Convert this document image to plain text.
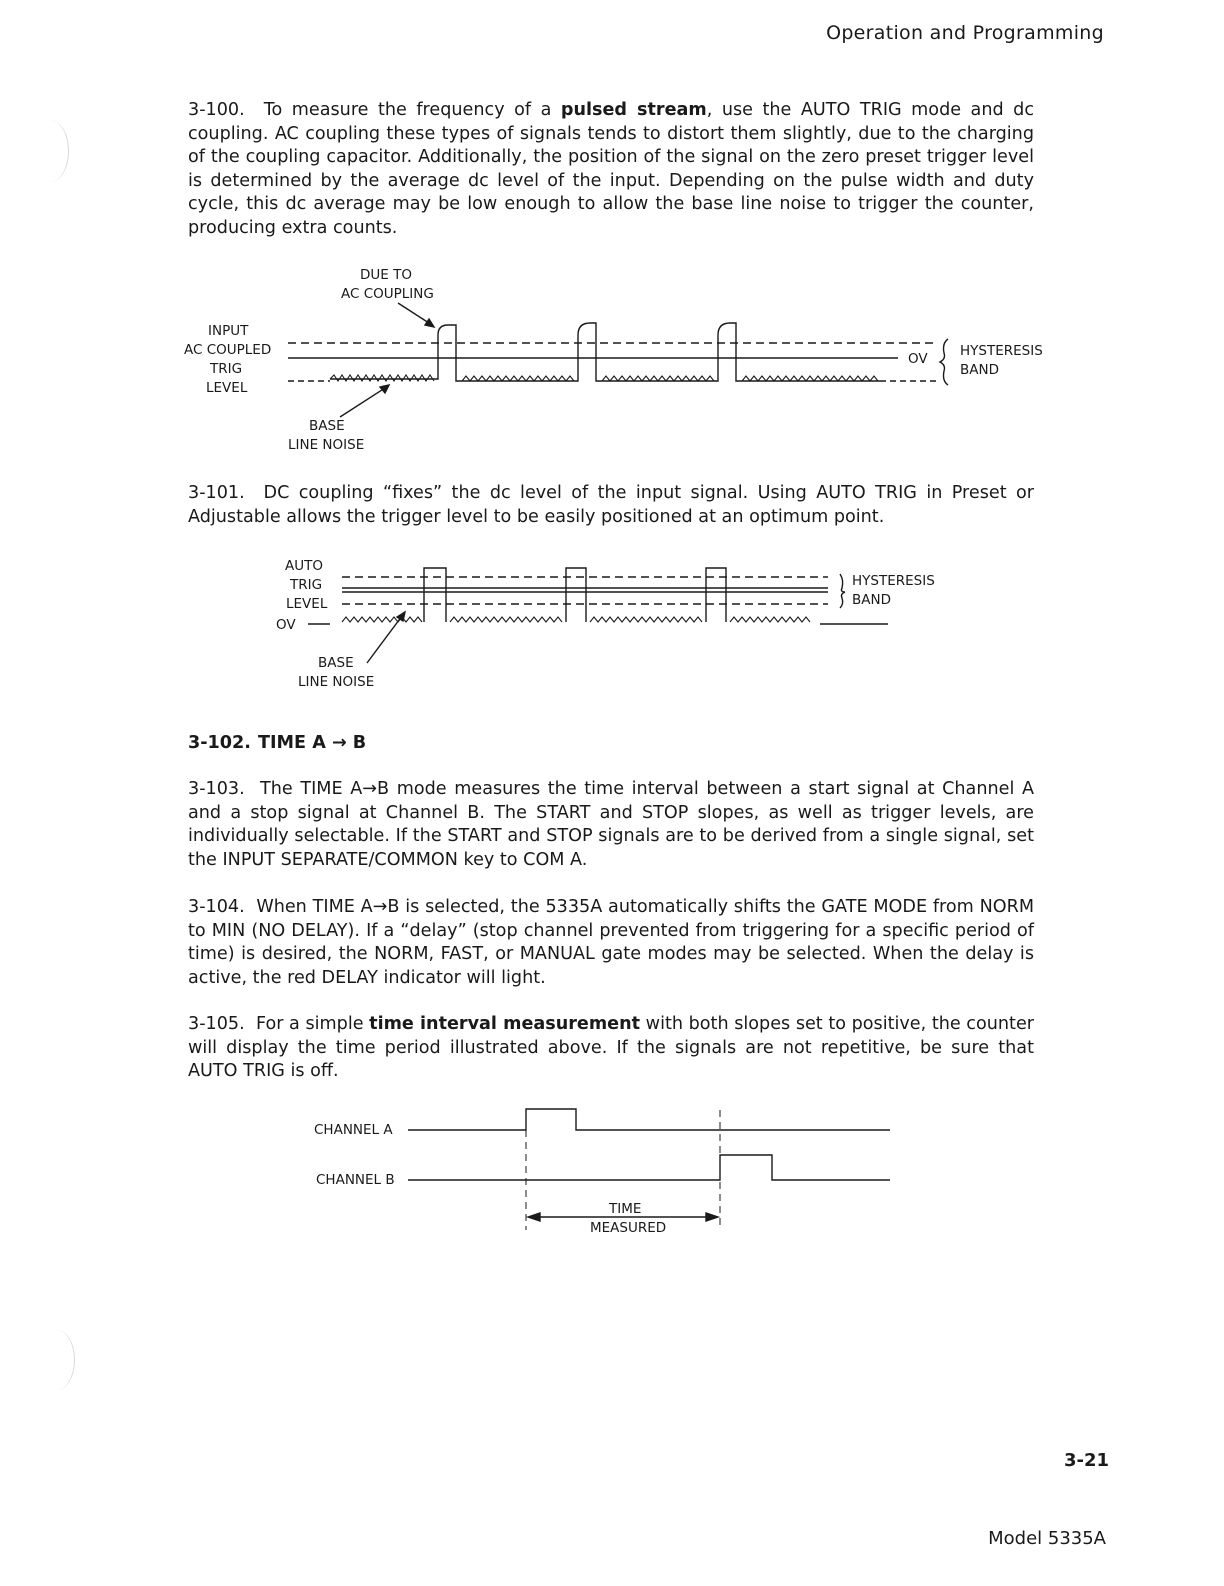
Operation and Programming
3-100. To measure the frequency of a pulsed stream, use the AUTO TRIG mode and dc coupling. AC coupling these types of signals tends to distort them slightly, due to the charging of the coupling capacitor. Additionally, the position of the signal on the zero preset trigger level is determined by the average dc level of the input. Depending on the pulse width and duty cycle, this dc average may be low enough to allow the base line noise to trigger the counter, producing extra counts.
DUE TO
AC COUPLING
INPUT
AC COUPLED
TRIG
LEVEL
OV HYSTERESIS
BAND
BASE
LINE NOISE
3-101. DC coupling “fixes” the dc level of the input signal. Using AUTO TRIG in Preset or Adjustable allows the trigger level to be easily positioned at an optimum point.
AUTO
TRIG
LEVEL
OV
HYSTERESIS
BAND
BASE
LINE NOISE
3-102. TIME A → B
3-103. The TIME A→B mode measures the time interval between a start signal at Channel A and a stop signal at Channel B. The START and STOP slopes, as well as trigger levels, are individually selectable. If the START and STOP signals are to be derived from a single signal, set the INPUT SEPARATE/COMMON key to COM A.
3-104. When TIME A→B is selected, the 5335A automatically shifts the GATE MODE from NORM to MIN (NO DELAY). If a “delay” (stop channel prevented from triggering for a specific period of time) is desired, the NORM, FAST, or MANUAL gate modes may be selected. When the delay is active, the red DELAY indicator will light.
3-105. For a simple time interval measurement with both slopes set to positive, the counter will display the time period illustrated above. If the signals are not repetitive, be sure that AUTO TRIG is off.
CHANNEL A
CHANNEL B
TIME
MEASURED
3-21
Model 5335A
